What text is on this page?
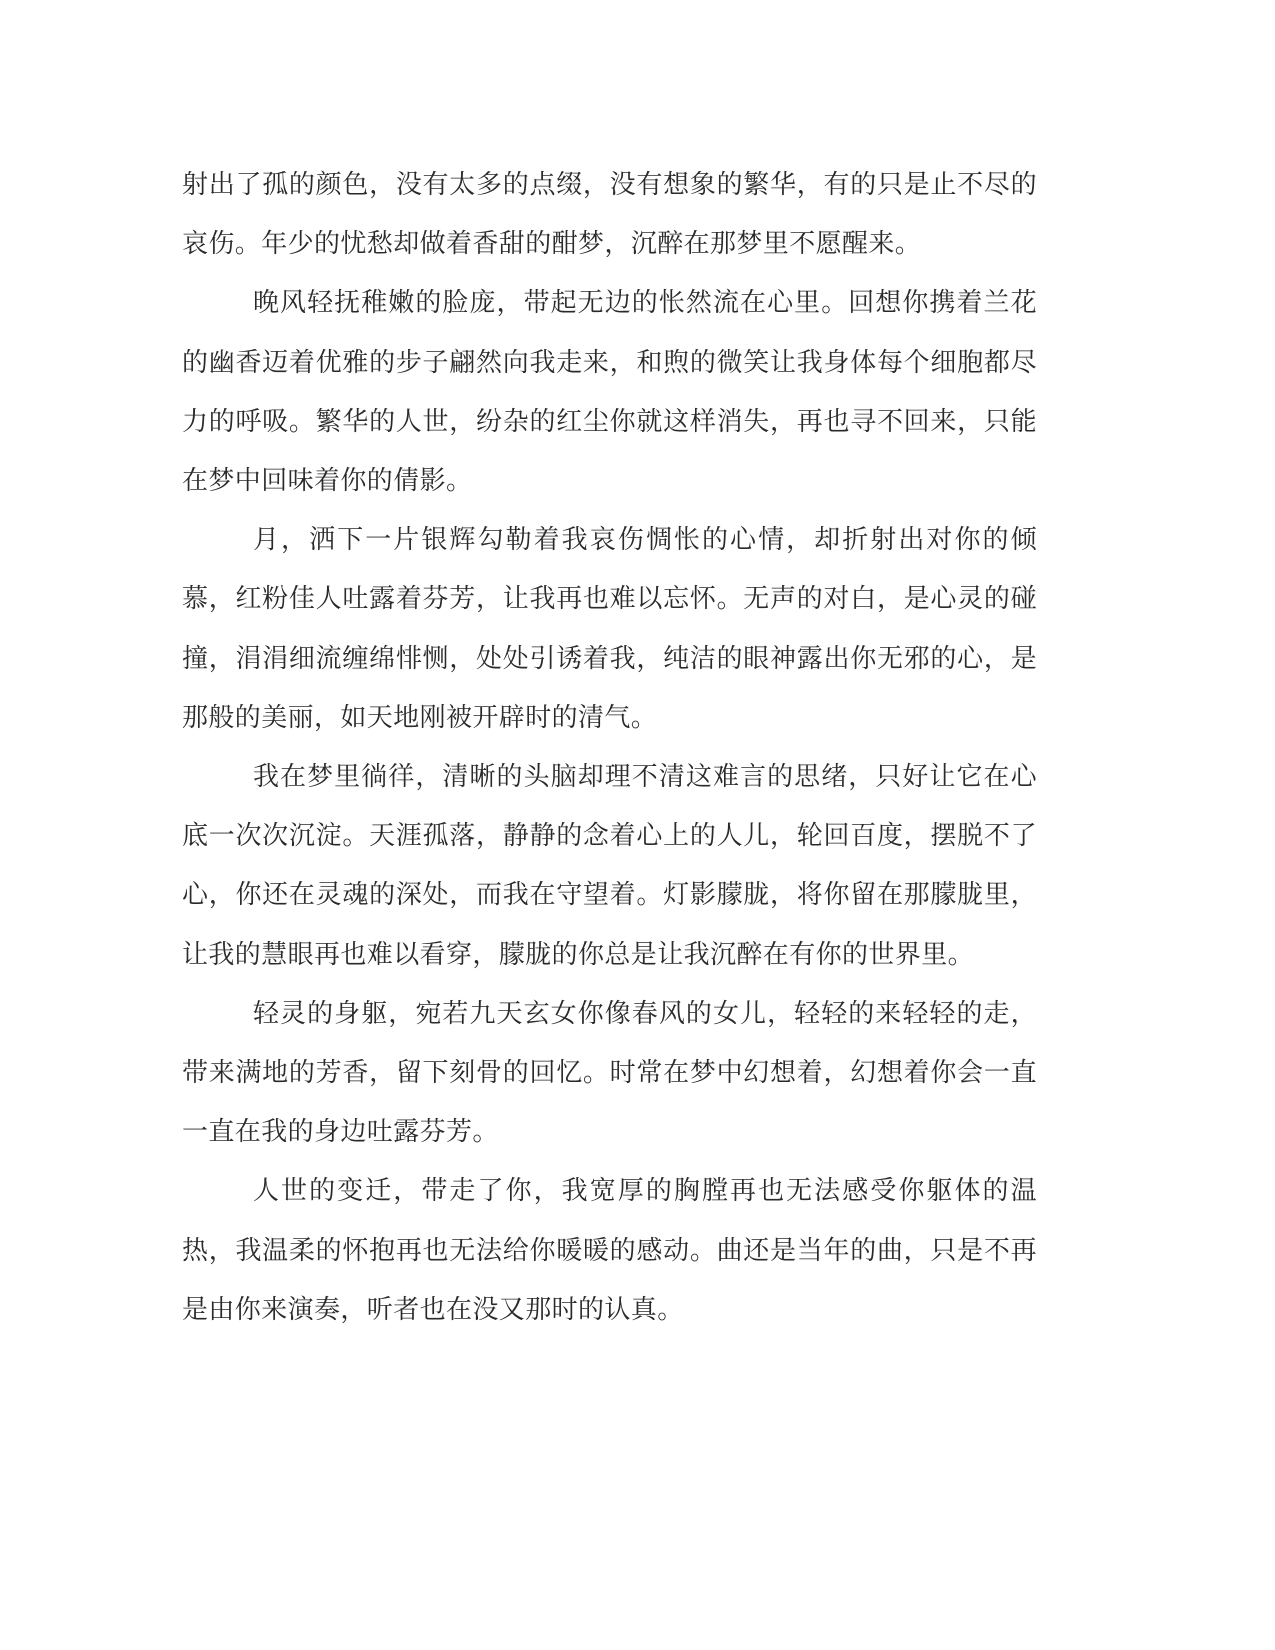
射出了孤的颜色，没有太多的点缀，没有想象的繁华，有的只是止不尽的哀伤。年少的忧愁却做着香甜的酣梦，沉醉在那梦里不愿醒来。

晚风轻抚稚嫩的脸庞，带起无边的怅然流在心里。回想你携着兰花的幽香迈着优雅的步子翩然向我走来，和煦的微笑让我身体每个细胞都尽力的呼吸。繁华的人世，纷杂的红尘你就这样消失，再也寻不回来，只能在梦中回味着你的倩影。

月，洒下一片银辉勾勒着我哀伤惆怅的心情，却折射出对你的倾慕，红粉佳人吐露着芬芳，让我再也难以忘怀。无声的对白，是心灵的碰撞，涓涓细流缠绵悱恻，处处引诱着我，纯洁的眼神露出你无邪的心，是那般的美丽，如天地刚被开辟时的清气。

我在梦里徜徉，清晰的头脑却理不清这难言的思绪，只好让它在心底一次次沉淀。天涯孤落，静静的念着心上的人儿，轮回百度，摆脱不了心，你还在灵魂的深处，而我在守望着。灯影朦胧，将你留在那朦胧里，让我的慧眼再也难以看穿，朦胧的你总是让我沉醉在有你的世界里。

轻灵的身躯，宛若九天玄女你像春风的女儿，轻轻的来轻轻的走，带来满地的芳香，留下刻骨的回忆。时常在梦中幻想着，幻想着你会一直一直在我的身边吐露芬芳。

人世的变迁，带走了你，我宽厚的胸膛再也无法感受你躯体的温热，我温柔的怀抱再也无法给你暖暖的感动。曲还是当年的曲，只是不再是由你来演奏，听者也在没又那时的认真。
